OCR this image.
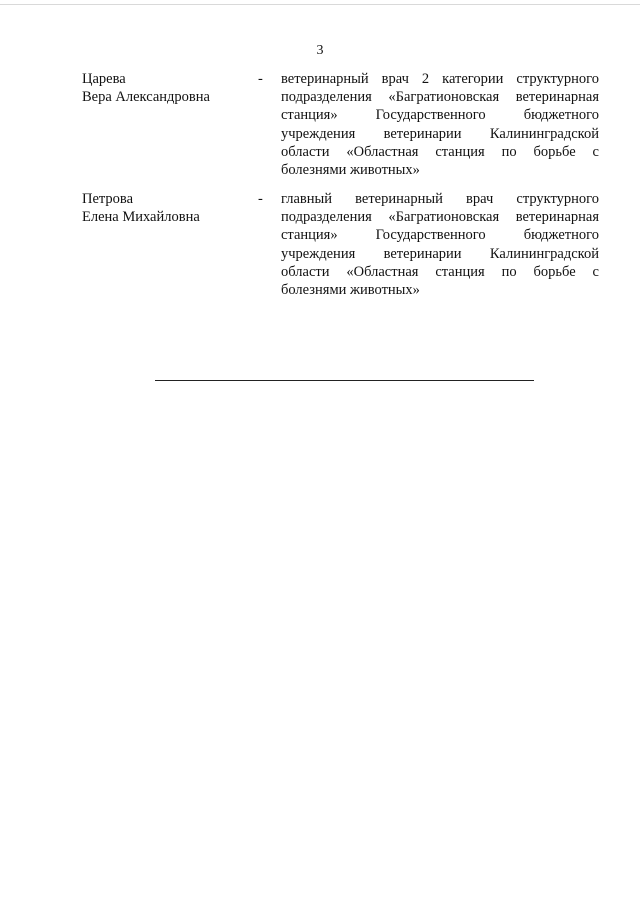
3
Царева
Вера Александровна
- ветеринарный врач 2 категории структурного подразделения «Багратионовская ветеринарная станция» Государственного бюджетного учреждения ветеринарии Калининградской области «Областная станция по борьбе с болезнями животных»
Петрова
Елена Михайловна
- главный ветеринарный врач структурного подразделения «Багратионовская ветеринарная станция» Государственного бюджетного учреждения ветеринарии Калининградской области «Областная станция по борьбе с болезнями животных»
